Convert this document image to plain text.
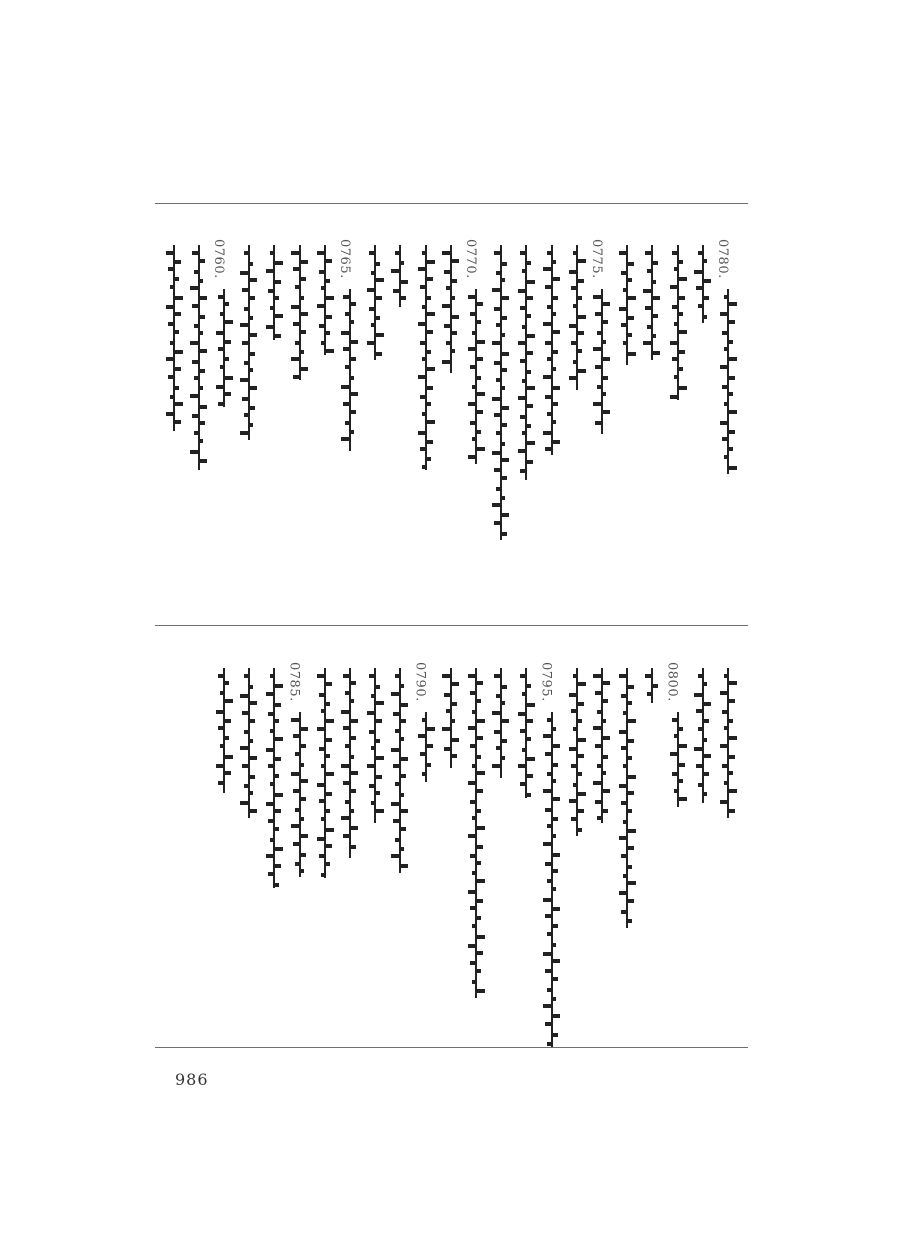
0780.
0775.
0770.
0765.
0760.
0800.
0795.
0790.
0785.
986
